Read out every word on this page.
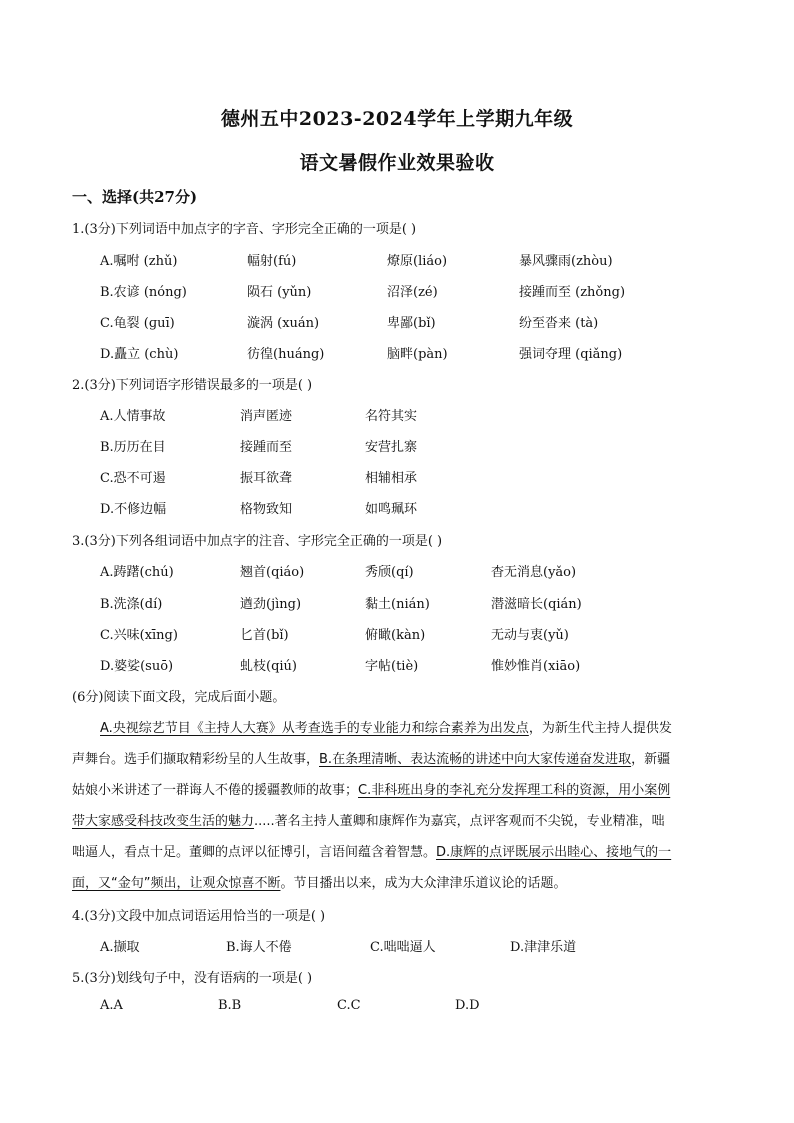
德州五中2023-2024学年上学期九年级
语文暑假作业效果验收
一、选择(共27分)
1.(3分)下列词语中加点字的字音、字形完全正确的一项是( )
A.嘱咐 (zhǔ)	幅射(fú)	燎原(liáo)	暴风骤雨(zhòu)
B.农谚 (nóng)	陨石 (yǔn)	沼泽(zé)	接踵而至 (zhǒng)
C.龟裂 (ɡuī)	漩涡 (xuán)	卑鄙(bǐ)	纷至沓来 (tà)
D.矗立 (chù)	彷徨(huáng)	脑畔(pàn)	强词夺理 (qiǎng)
2.(3分)下列词语字形错误最多的一项是( )
A.人情事故	消声匿迹	名符其实
B.历历在目	接踵而至	安营扎寨
C.恐不可遏	振耳欲聋	相辅相承
D.不修边幅	格物致知	如鸣珮环
3.(3分)下列各组词语中加点字的注音、字形完全正确的一项是( )
A.踌躇(chú)	翘首(qiáo)	秀颀(qí)	杳无消息(yǎo)
B.洗涤(dí)	遒劲(jìng)	黏土(nián)	潜滋暗长(qián)
C.兴味(xīng)	匕首(bǐ)	俯瞰(kàn)	无动与衷(yǔ)
D.婆娑(suō)	虬枝(qiú)	字帖(tiè)	惟妙惟肖(xiāo)
(6分)阅读下面文段，完成后面小题。
A.央视综艺节目《主持人大赛》从考查选手的专业能力和综合素养为出发点，为新生代主持人提供发
声舞台。选手们撷取精彩纷呈的人生故事，B.在条理清晰、表达流畅的讲述中向大家传递奋发进取，新疆
姑娘小米讲述了一群诲人不倦的援疆教师的故事；C.非科班出身的李礼充分发挥理工科的资源，用小案例
带大家感受科技改变生活的魅力.....著名主持人董卿和康辉作为嘉宾，点评客观而不尖锐，专业精准，咄
咄逼人，看点十足。董卿的点评以征博引，言语间蕴含着智慧。D.康辉的点评既展示出睦心、接地气的一
面，又“金句”频出，让观众惊喜不断。节目播出以来，成为大众津津乐道议论的话题。
4.(3分)文段中加点词语运用恰当的一项是( )
A.撷取	B.诲人不倦	C.咄咄逼人	D.津津乐道
5.(3分)划线句子中，没有语病的一项是( )
A.A	B.B	C.C	D.D
